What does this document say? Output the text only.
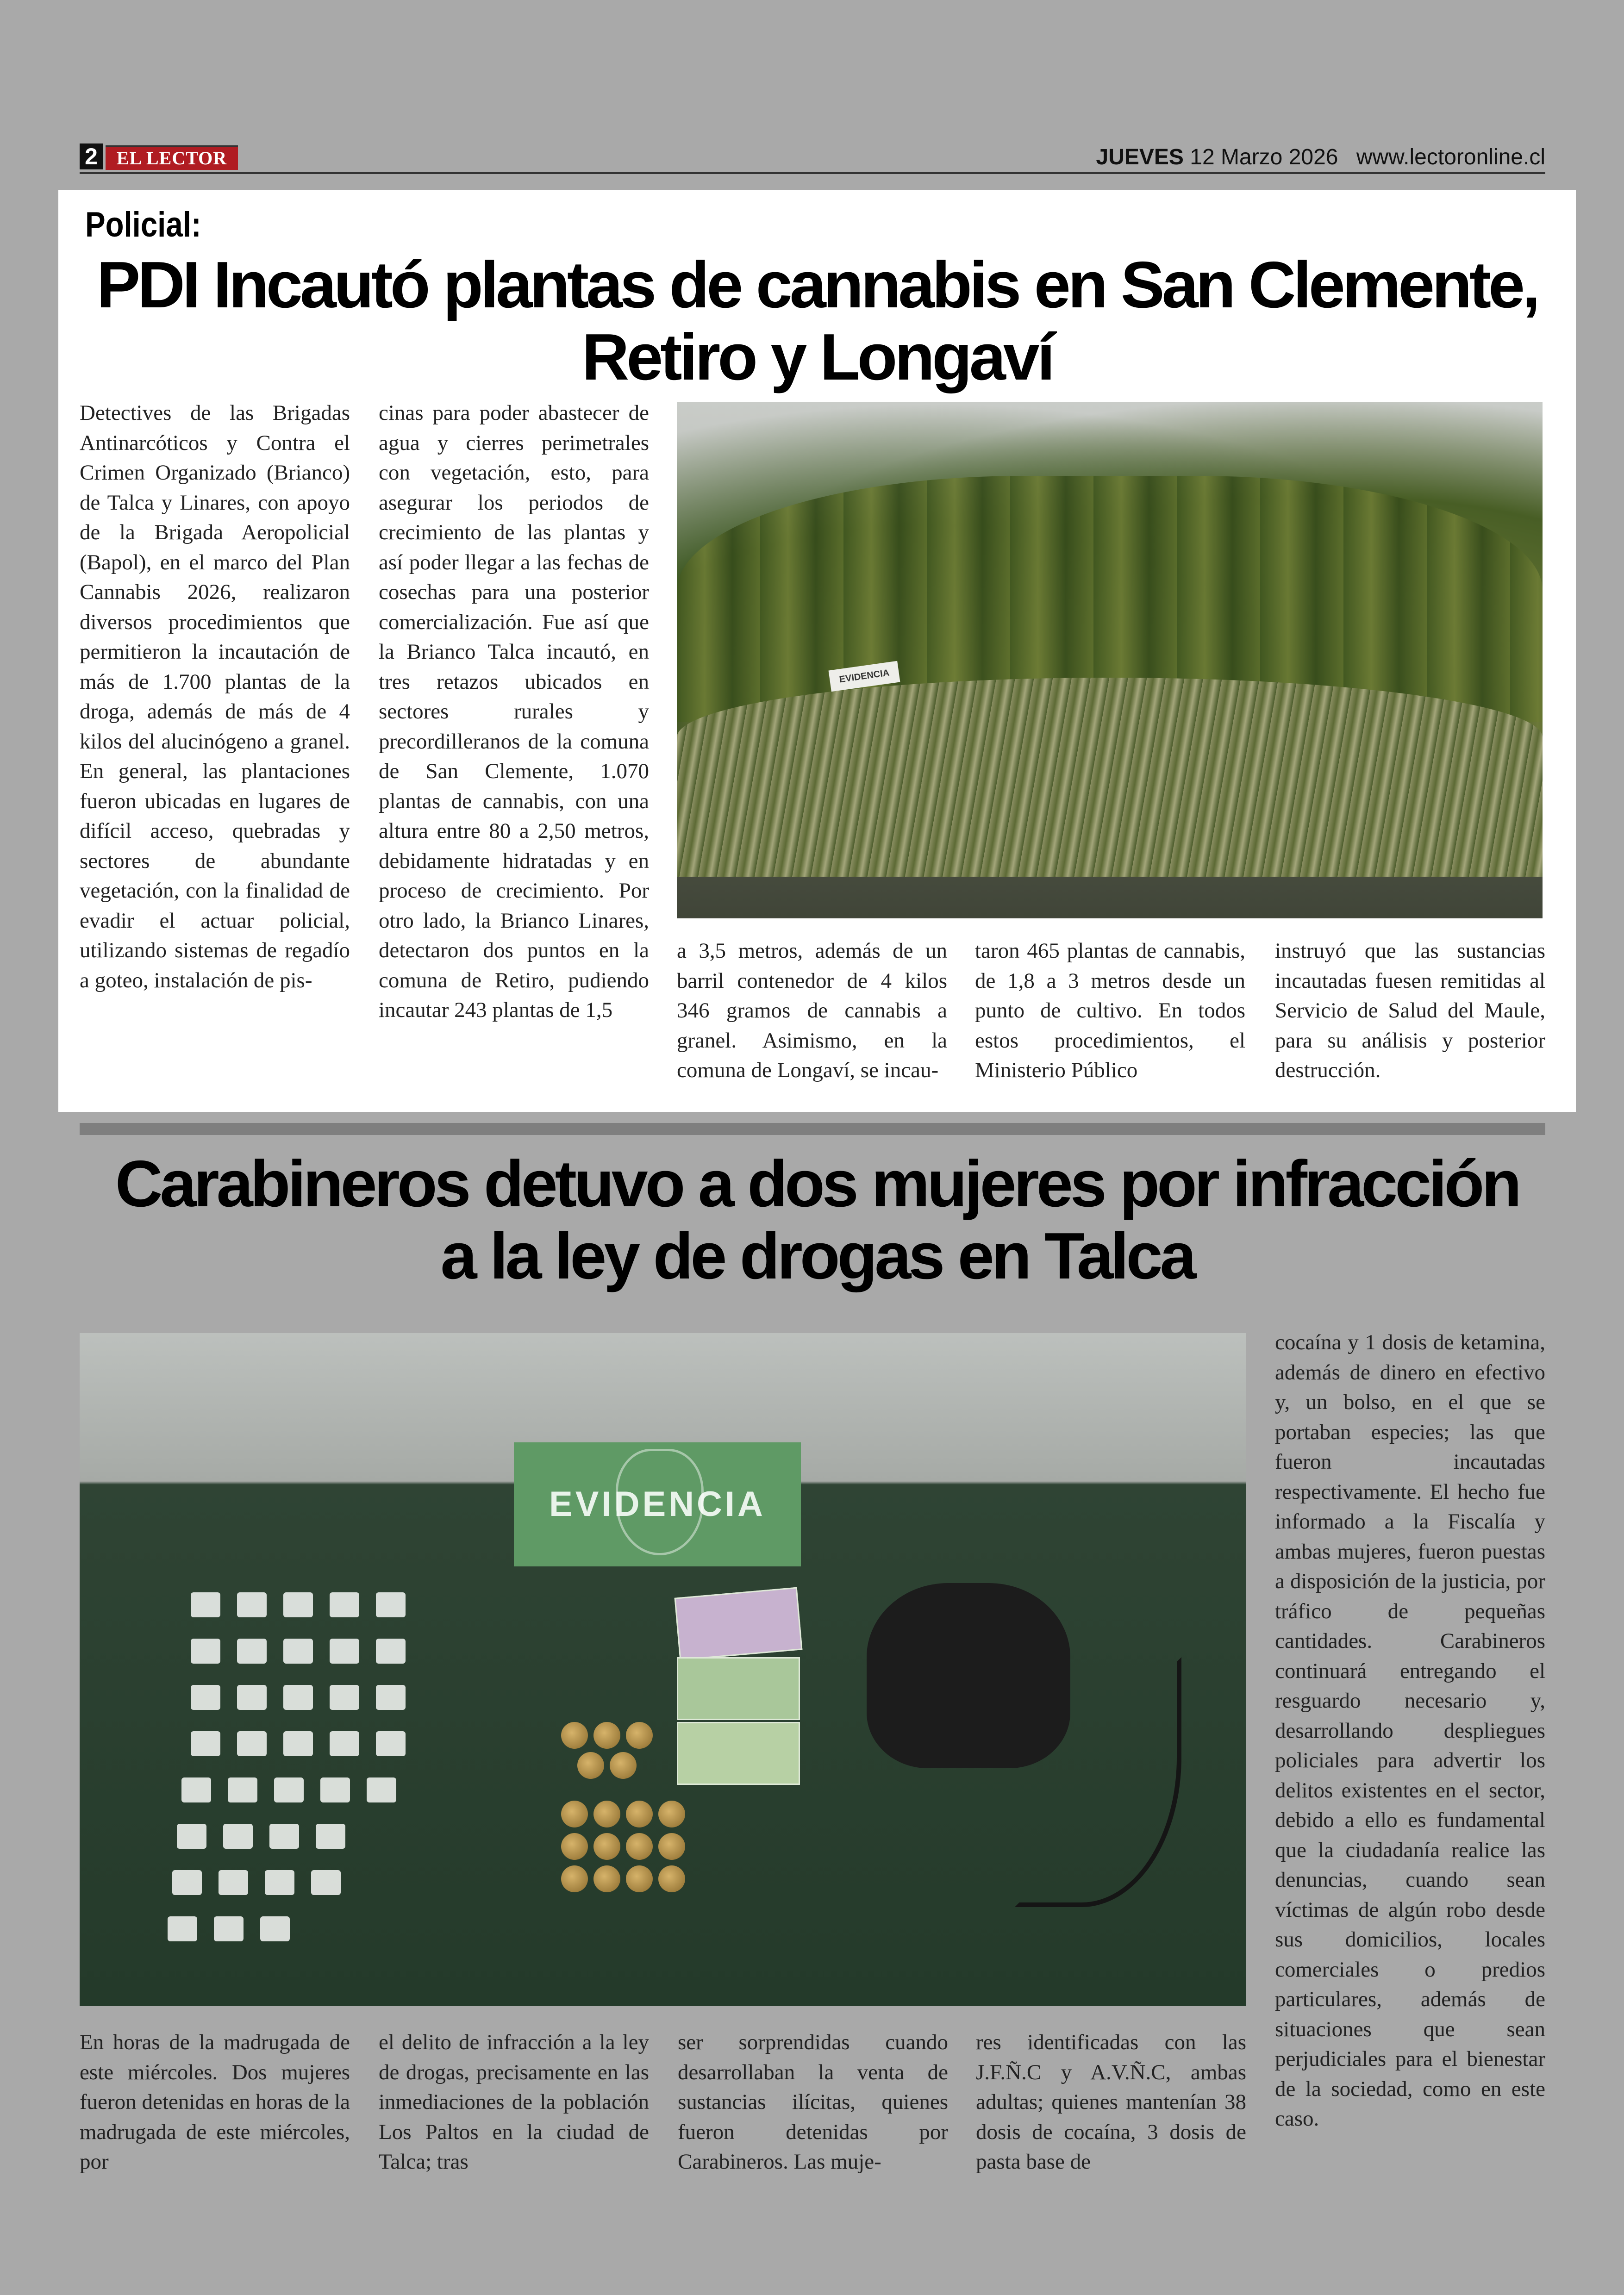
2	EL LECTOR	JUEVES 12 Marzo 2026 www.lectoronline.cl

Policial:

PDI Incautó plantas de cannabis en San Clemente,
Retiro y Longaví

Detectives de las Brigadas Antinarcóticos y Contra el Crimen Organizado (Brianco) de Talca y Linares, con apoyo de la Brigada Aeropolicial (Bapol), en el marco del Plan Cannabis 2026, realizaron diversos procedimientos que permitieron la incautación de más de 1.700 plantas de la droga, además de más de 4 kilos del alucinógeno a granel. En general, las plantaciones fueron ubicadas en lugares de difícil acceso, quebradas y sectores de abundante vegetación, con la finalidad de evadir el actuar policial, utilizando sistemas de regadío a goteo, instalación de pis-

cinas para poder abastecer de agua y cierres perimetrales con vegetación, esto, para asegurar los periodos de crecimiento de las plantas y así poder llegar a las fechas de cosechas para una posterior comercialización. Fue así que la Brianco Talca incautó, en tres retazos ubicados en sectores rurales y precordilleranos de la comuna de San Clemente, 1.070 plantas de cannabis, con una altura entre 80 a 2,50 metros, debidamente hidratadas y en proceso de crecimiento. Por otro lado, la Brianco Linares, detectaron dos puntos en la comuna de Retiro, pudiendo incautar 243 plantas de 1,5

EVIDENCIA

a 3,5 metros, además de un barril contenedor de 4 kilos 346 gramos de cannabis a granel. Asimismo, en la comuna de Longaví, se incau-

taron 465 plantas de cannabis, de 1,8 a 3 metros desde un punto de cultivo. En todos estos procedimientos, el Ministerio Público

instruyó que las sustancias incautadas fuesen remitidas al Servicio de Salud del Maule, para su análisis y posterior destrucción.

Carabineros detuvo a dos mujeres por infracción
a la ley de drogas en Talca
EVIDENCIA

En horas de la madrugada de este miércoles. Dos mujeres fueron detenidas en horas de la madrugada de este miércoles, por

el delito de infracción a la ley de drogas, precisamente en las inmediaciones de la población Los Paltos en la ciudad de Talca; tras

ser sorprendidas cuando desarrollaban la venta de sustancias ilícitas, quienes fueron detenidas por Carabineros. Las muje-

res identificadas con las J.F.Ñ.C y A.V.Ñ.C, ambas adultas; quienes mantenían 38 dosis de cocaína, 3 dosis de pasta base de

cocaína y 1 dosis de ketamina, además de dinero en efectivo y, un bolso, en el que se portaban especies; las que fueron incautadas respectivamente. El hecho fue informado a la Fiscalía y ambas mujeres, fueron puestas a disposición de la justicia, por tráfico de pequeñas cantidades. Carabineros continuará entregando el resguardo necesario y, desarrollando despliegues policiales para advertir los delitos existentes en el sector, debido a ello es fundamental que la ciudadanía realice las denuncias, cuando sean víctimas de algún robo desde sus domicilios, locales comerciales o predios particulares, además de situaciones que sean perjudiciales para el bienestar de la sociedad, como en este caso.
